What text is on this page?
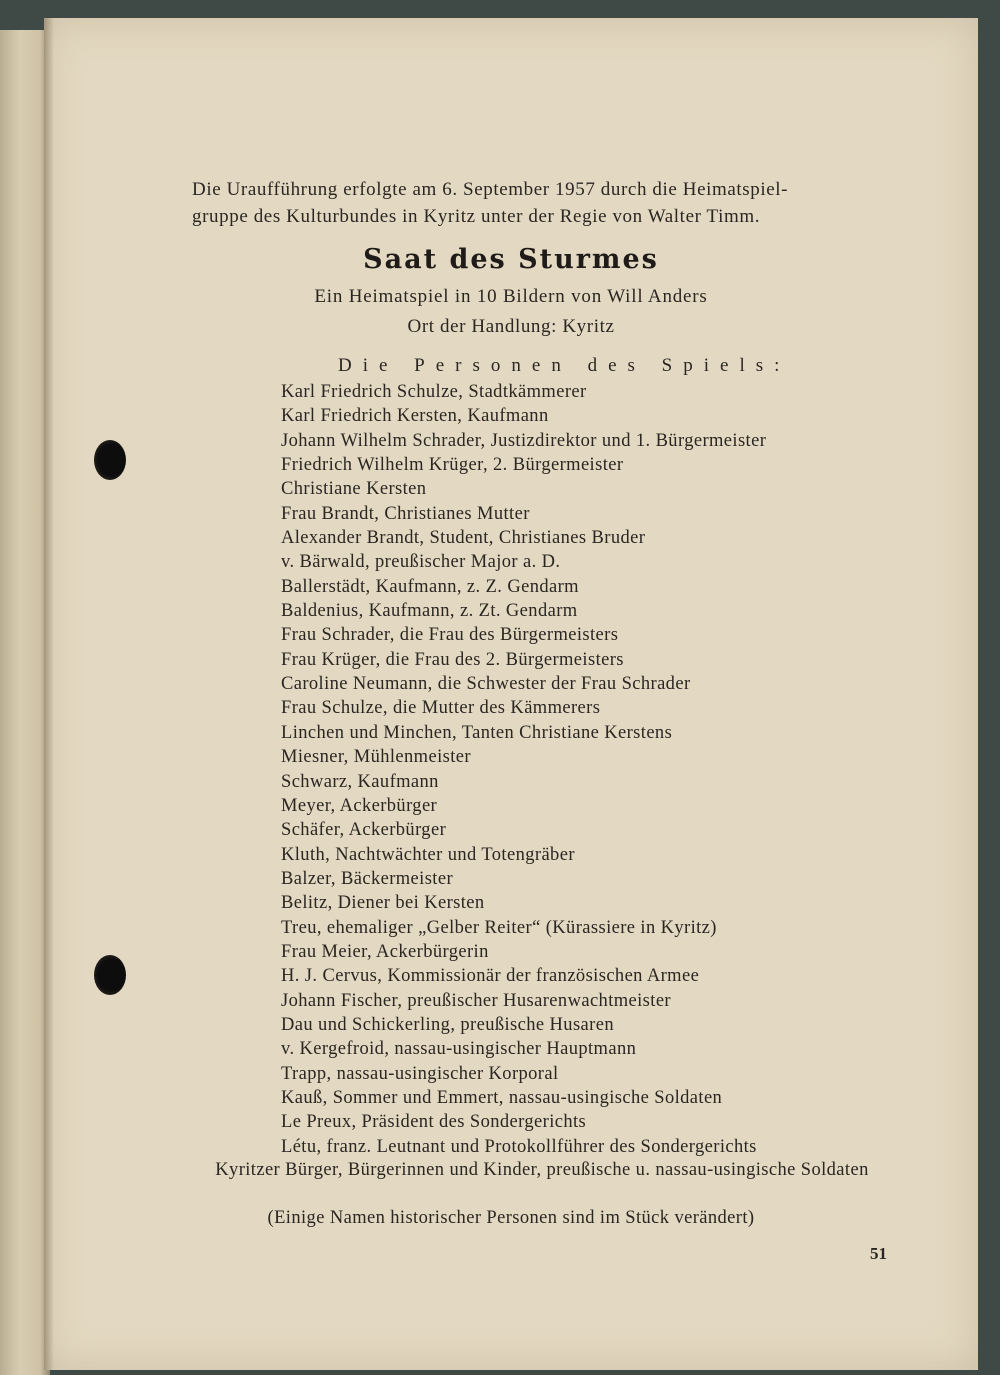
Die Uraufführung erfolgte am 6. September 1957 durch die Heimatspiel-
gruppe des Kulturbundes in Kyritz unter der Regie von Walter Timm.
Saat des Sturmes
Ein Heimatspiel in 10 Bildern von Will Anders
Ort der Handlung: Kyritz
Die Personen des Spiels:
Karl Friedrich Schulze, Stadtkämmerer
Karl Friedrich Kersten, Kaufmann
Johann Wilhelm Schrader, Justizdirektor und 1. Bürgermeister
Friedrich Wilhelm Krüger, 2. Bürgermeister
Christiane Kersten
Frau Brandt, Christianes Mutter
Alexander Brandt, Student, Christianes Bruder
v. Bärwald, preußischer Major a. D.
Ballerstädt, Kaufmann, z. Z. Gendarm
Baldenius, Kaufmann, z. Zt. Gendarm
Frau Schrader, die Frau des Bürgermeisters
Frau Krüger, die Frau des 2. Bürgermeisters
Caroline Neumann, die Schwester der Frau Schrader
Frau Schulze, die Mutter des Kämmerers
Linchen und Minchen, Tanten Christiane Kerstens
Miesner, Mühlenmeister
Schwarz, Kaufmann
Meyer, Ackerbürger
Schäfer, Ackerbürger
Kluth, Nachtwächter und Totengräber
Balzer, Bäckermeister
Belitz, Diener bei Kersten
Treu, ehemaliger „Gelber Reiter“ (Kürassiere in Kyritz)
Frau Meier, Ackerbürgerin
H. J. Cervus, Kommissionär der französischen Armee
Johann Fischer, preußischer Husarenwachtmeister
Dau und Schickerling, preußische Husaren
v. Kergefroid, nassau-usingischer Hauptmann
Trapp, nassau-usingischer Korporal
Kauß, Sommer und Emmert, nassau-usingische Soldaten
Le Preux, Präsident des Sondergerichts
Létu, franz. Leutnant und Protokollführer des Sondergerichts
Kyritzer Bürger, Bürgerinnen und Kinder, preußische u. nassau-usingische Soldaten
(Einige Namen historischer Personen sind im Stück verändert)
51
